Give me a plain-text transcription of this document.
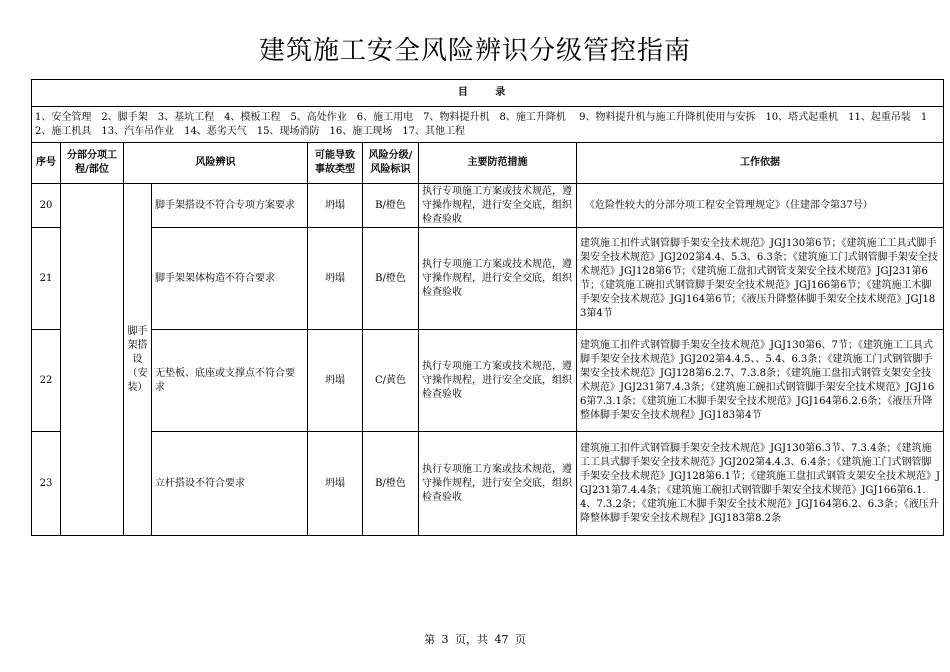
建筑施工安全风险辨识分级管控指南
目 录							
1、安全管理　2、脚手架　3、基坑工程　4、模板工程　5、高处作业　6、施工用电　7、物料提升机　8、施工升降机　 9、物料提升机与施工升降机使用与安拆　10、塔式起重机　11、起重吊装　12、施工机具　13、汽车吊作业　14、恶劣天气　15、现场消防　16、施工现场　17、其他工程							
序号	分部分项工程/部位	风险辨识		可能导致事故类型	风险分级/风险标识	主要防范措施	工作依据
20		脚手架搭设（安装）	脚手架搭设不符合专项方案要求	坍塌	B/橙色	执行专项施工方案或技术规范，遵守操作规程，进行安全交底，组织检查验收	《危险性较大的分部分项工程安全管理规定》（住建部令第37号）
21			脚手架架体构造不符合要求	坍塌	B/橙色	执行专项施工方案或技术规范，遵守操作规程，进行安全交底，组织检查验收	建筑施工扣件式钢管脚手架安全技术规范》JGJ130第6节；《建筑施工工具式脚手架安全技术规范》JGJ202第4.4、5.3、6.3条；《建筑施工门式钢管脚手架安全技术规范》JGJ128第6节；《建筑施工盘扣式钢管支架安全技术规范》JGJ231第6节；《建筑施工碗扣式钢管脚手架安全技术规范》JGJ166第6节；《建筑施工木脚手架安全技术规范》JGJ164第6节；《液压升降整体脚手架安全技术规范》JGJ183第4节
22			无垫板、底座或支撑点不符合要求	坍塌	C/黄色	执行专项施工方案或技术规范，遵守操作规程，进行安全交底，组织检查验收	建筑施工扣件式钢管脚手架安全技术规范》JGJ130第6、7节；《建筑施工工具式脚手架安全技术规范》JGJ202第4.4.5、、5.4、6.3条；《建筑施工门式钢管脚手架安全技术规范》JGJ128第6.2.7、7.3.8条；《建筑施工盘扣式钢管支架安全技术规范》JGJ231第7.4.3条；《建筑施工碗扣式钢管脚手架安全技术规范》JGJ166第7.3.1条；《建筑施工木脚手架安全技术规范》JGJ164第6.2.6条；《液压升降整体脚手架安全技术规程》JGJ183第4节
23			立杆搭设不符合要求	坍塌	B/橙色	执行专项施工方案或技术规范，遵守操作规程，进行安全交底，组织检查验收	建筑施工扣件式钢管脚手架安全技术规范》JGJ130第6.3节、7.3.4条；《建筑施工工具式脚手架安全技术规范》JGJ202第4.4.3、6.4条；《建筑施工门式钢管脚手架安全技术规范》JGJ128第6.1节；《建筑施工盘扣式钢管支架安全技术规范》JGJ231第7.4.4条；《建筑施工碗扣式钢管脚手架安全技术规范》JGJ166第6.1.4、7.3.2条；《建筑施工木脚手架安全技术规范》JGJ164第6.2、6.3条；《液压升降整体脚手架安全技术规程》JGJ183第8.2条
第 3 页，共 47 页
